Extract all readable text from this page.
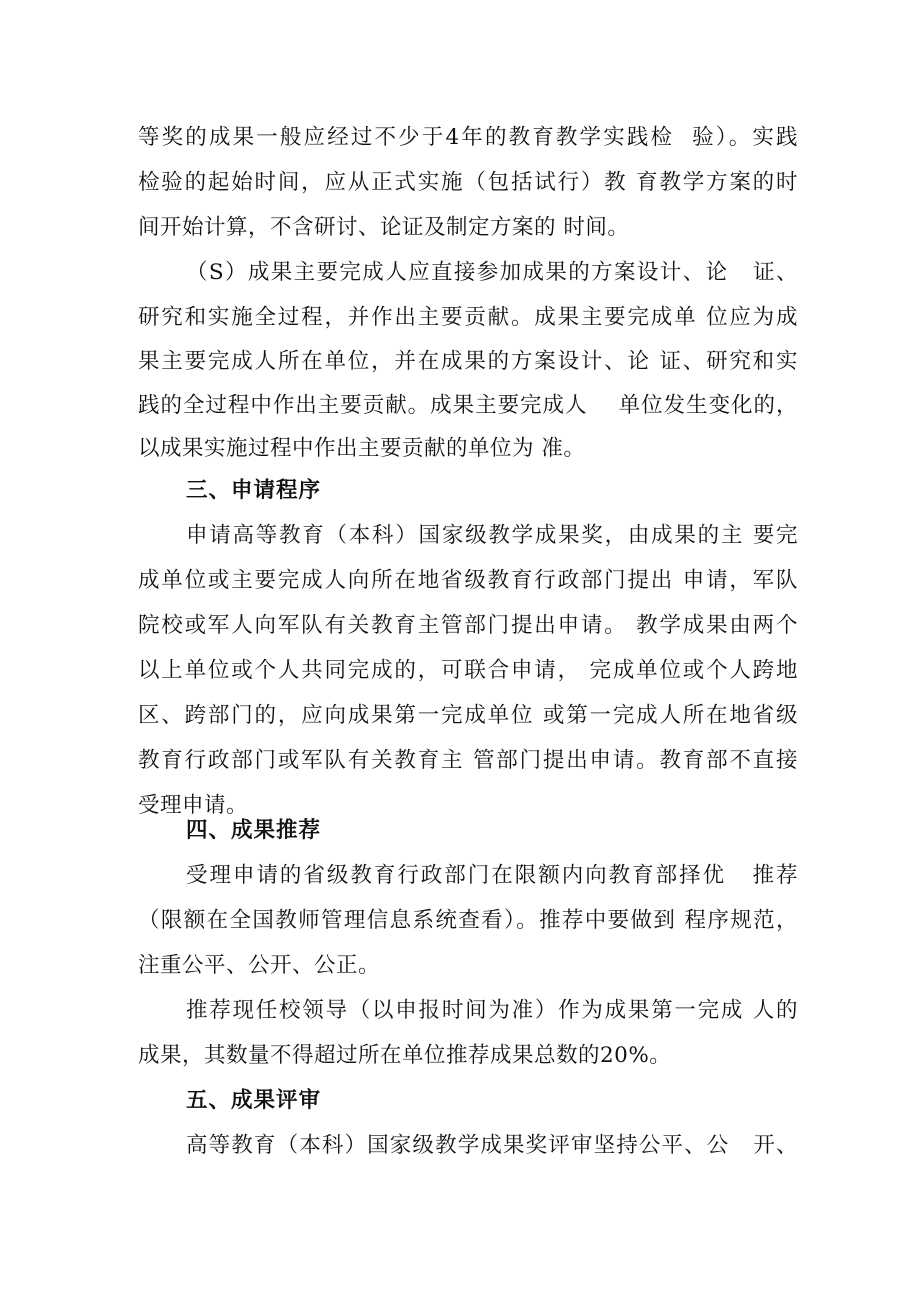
等奖的成果一般应经过不少于4年的教育教学实践检  验）。实践
检验的起始时间，应从正式实施（包括试行）教 育教学方案的时
间开始计算，不含研讨、论证及制定方案的 时间。
（S）成果主要完成人应直接参加成果的方案设计、论   证、
研究和实施全过程，并作出主要贡献。成果主要完成单 位应为成
果主要完成人所在单位，并在成果的方案设计、论 证、研究和实
践的全过程中作出主要贡献。成果主要完成人    单位发生变化的，
以成果实施过程中作出主要贡献的单位为 准。
三、申请程序
申请高等教育（本科）国家级教学成果奖，由成果的主 要完
成单位或主要完成人向所在地省级教育行政部门提出 申请，军队
院校或军人向军队有关教育主管部门提出申请。 教学成果由两个
以上单位或个人共同完成的，可联合申请， 完成单位或个人跨地
区、跨部门的，应向成果第一完成单位 或第一完成人所在地省级
教育行政部门或军队有关教育主 管部门提出申请。教育部不直接
受理申请。
四、成果推荐
受理申请的省级教育行政部门在限额内向教育部择优   推荐
（限额在全国教师管理信息系统查看）。推荐中要做到 程序规范，
注重公平、公开、公正。
推荐现任校领导（以申报时间为准）作为成果第一完成 人的
成果，其数量不得超过所在单位推荐成果总数的20%。
五、成果评审
高等教育（本科）国家级教学成果奖评审坚持公平、公   开、
